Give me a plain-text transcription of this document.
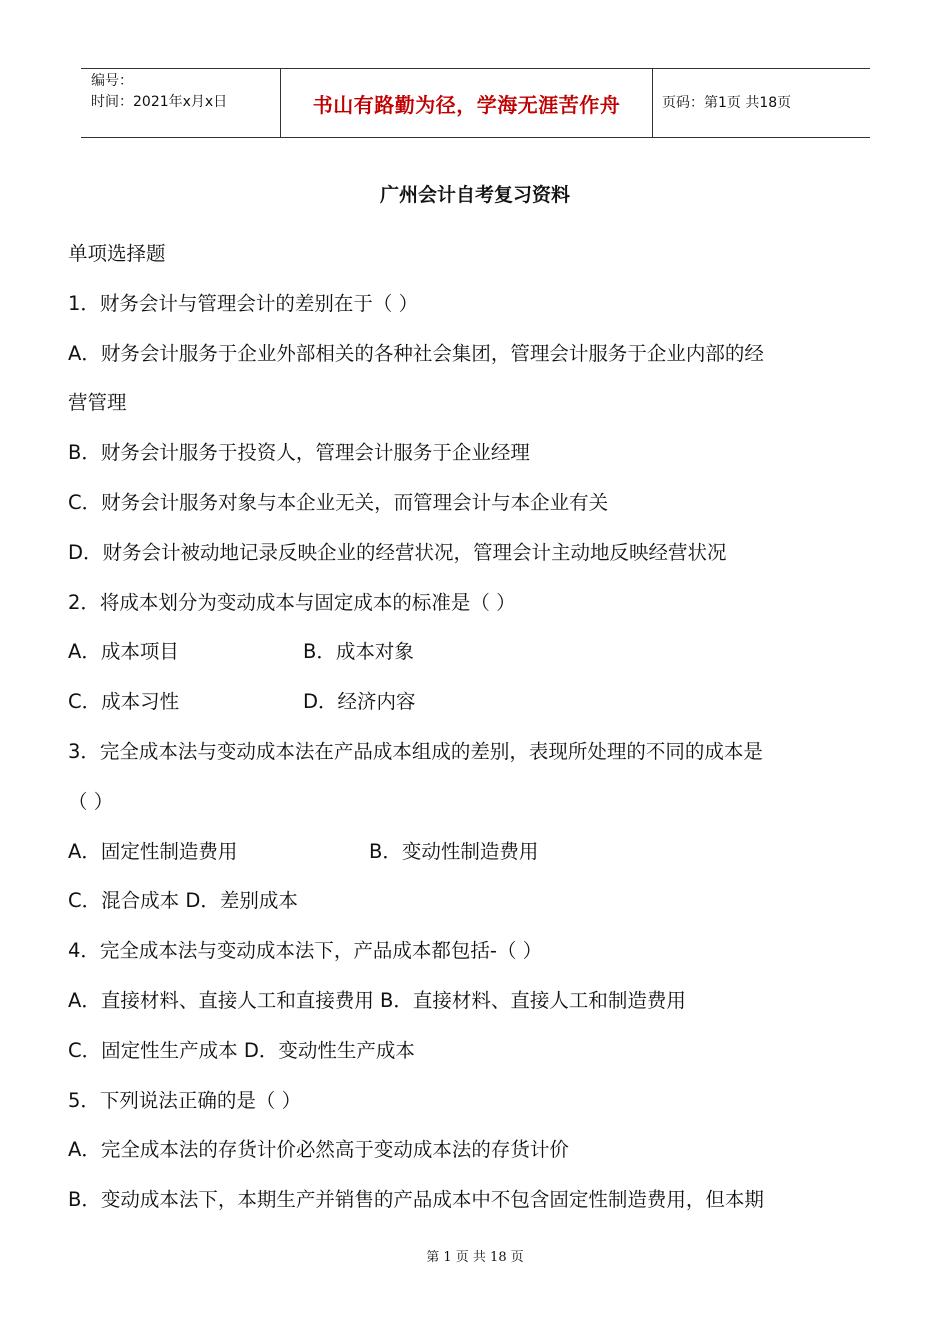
编号：
时间：2021年x月x日	书山有路勤为径，学海无涯苦作舟	页码：第1页 共18页
广州会计自考复习资料
单项选择题
1．财务会计与管理会计的差别在于（ ）
A．财务会计服务于企业外部相关的各种社会集团，管理会计服务于企业内部的经
营管理
B．财务会计服务于投资人，管理会计服务于企业经理
C．财务会计服务对象与本企业无关，而管理会计与本企业有关
D．财务会计被动地记录反映企业的经营状况，管理会计主动地反映经营状况
2．将成本划分为变动成本与固定成本的标准是（ ）
A．成本项目	B．成本对象
C．成本习性	D．经济内容
3．完全成本法与变动成本法在产品成本组成的差别，表现所处理的不同的成本是
（ ）
A．固定性制造费用	B．变动性制造费用
C．混合成本 D．差别成本
4．完全成本法与变动成本法下，产品成本都包括-（ ）
A．直接材料、直接人工和直接费用 B．直接材料、直接人工和制造费用
C．固定性生产成本 D．变动性生产成本
5．下列说法正确的是（ ）
A．完全成本法的存货计价必然高于变动成本法的存货计价
B．变动成本法下，本期生产并销售的产品成本中不包含固定性制造费用，但本期
第 1 页 共 18 页
